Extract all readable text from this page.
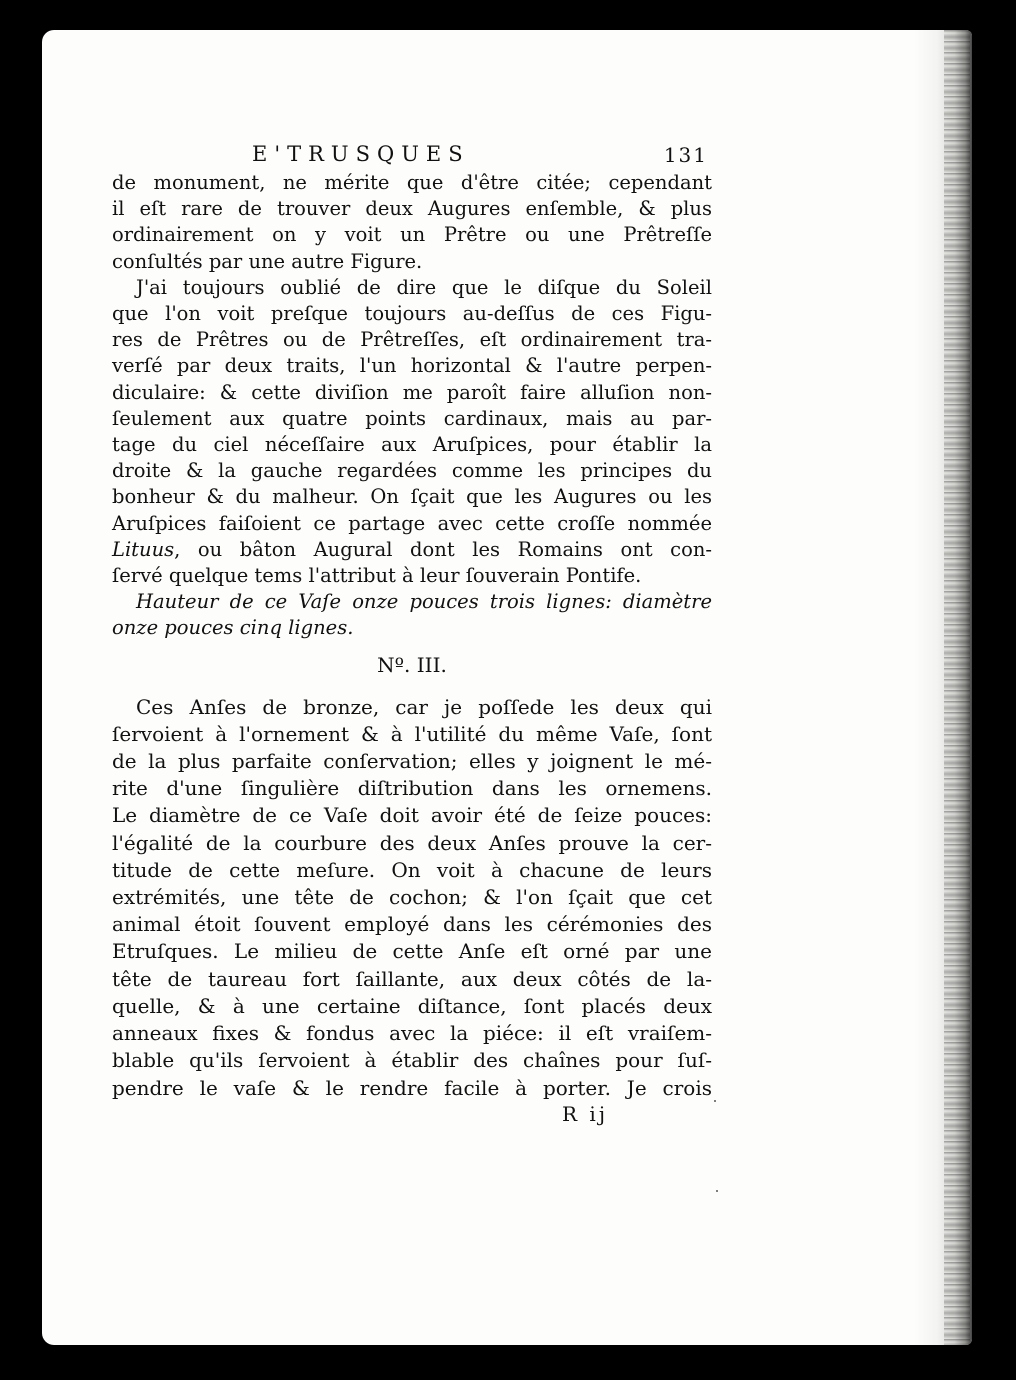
E'TRUSQUES	131
de monument, ne mérite que d'être citée; cependant
il eſt rare de trouver deux Augures enſemble, & plus
ordinairement on y voit un Prêtre ou une Prêtreſſe
conſultés par une autre Figure.
J'ai toujours oublié de dire que le diſque du Soleil
que l'on voit preſque toujours au-deſſus de ces Figu-
res de Prêtres ou de Prêtreſſes, eſt ordinairement tra-
verſé par deux traits, l'un horizontal & l'autre perpen-
diculaire: & cette diviſion me paroît faire alluſion non-
ſeulement aux quatre points cardinaux, mais au par-
tage du ciel néceſſaire aux Aruſpices, pour établir la
droite & la gauche regardées comme les principes du
bonheur & du malheur. On ſçait que les Augures ou les
Aruſpices faiſoient ce partage avec cette croſſe nommée
Lituus, ou bâton Augural dont les Romains ont con-
ſervé quelque tems l'attribut à leur ſouverain Pontife.
Hauteur de ce Vaſe onze pouces trois lignes: diamètre
onze pouces cinq lignes.
Nº. III.
Ces Anſes de bronze, car je poſſede les deux qui
ſervoient à l'ornement & à l'utilité du même Vaſe, ſont
de la plus parfaite conſervation; elles y joignent le mé-
rite d'une ſingulière diſtribution dans les ornemens.
Le diamètre de ce Vaſe doit avoir été de ſeize pouces:
l'égalité de la courbure des deux Anſes prouve la cer-
titude de cette meſure. On voit à chacune de leurs
extrémités, une tête de cochon; & l'on ſçait que cet
animal étoit ſouvent employé dans les cérémonies des
Etruſques. Le milieu de cette Anſe eſt orné par une
tête de taureau fort ſaillante, aux deux côtés de la-
quelle, & à une certaine diſtance, ſont placés deux
anneaux fixes & fondus avec la piéce: il eſt vraiſem-
blable qu'ils ſervoient à établir des chaînes pour ſuſ-
pendre le vaſe & le rendre facile à porter. Je crois
R ij
